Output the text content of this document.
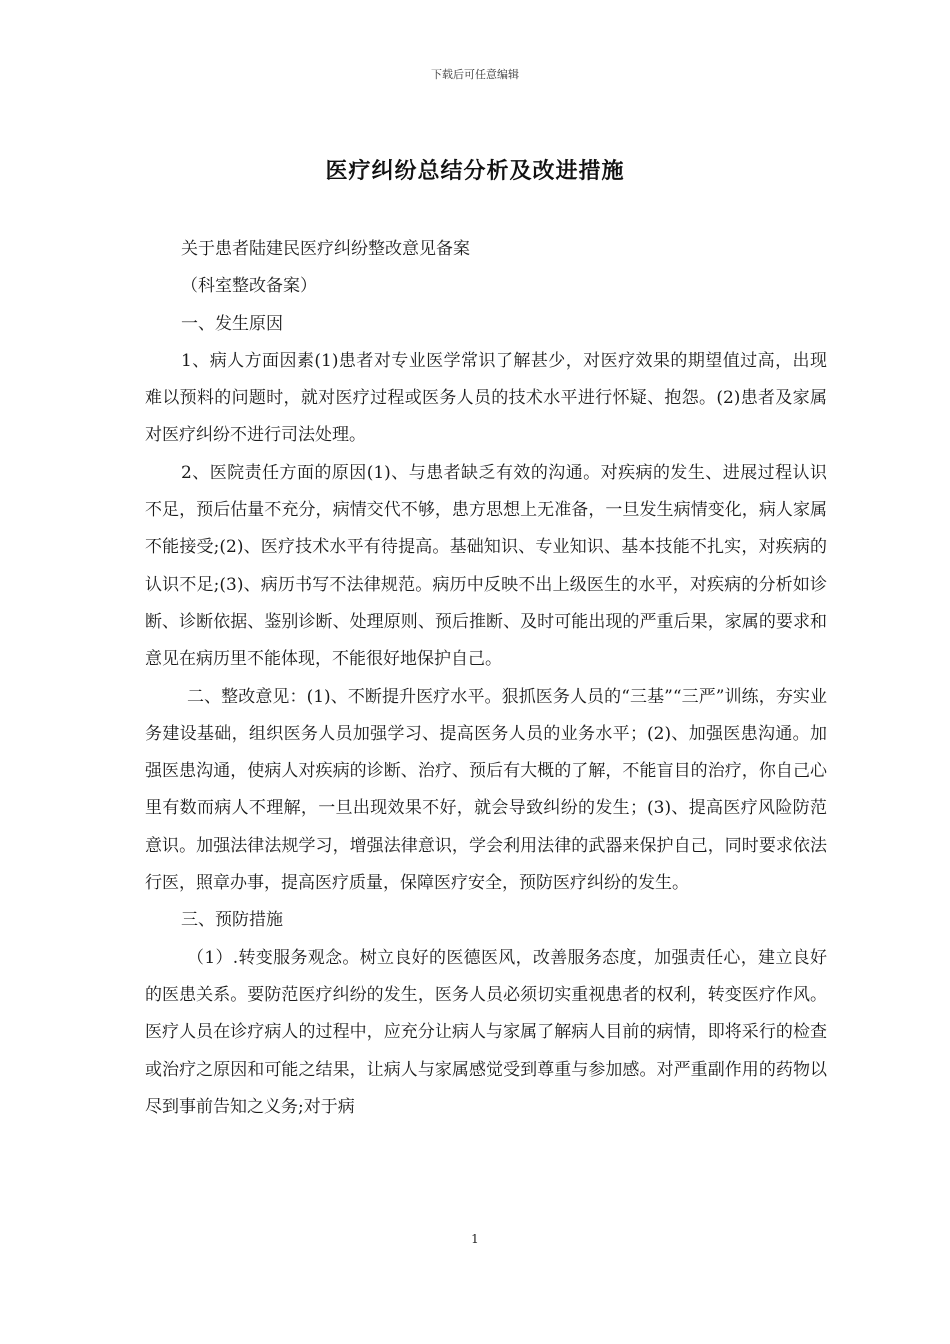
下载后可任意编辑
医疗纠纷总结分析及改进措施

关于患者陆建民医疗纠纷整改意见备案

（科室整改备案）

一、发生原因

1、病人方面因素(1)患者对专业医学常识了解甚少，对医疗效果的期望值过高，出现难以预料的问题时，就对医疗过程或医务人员的技术水平进行怀疑、抱怨。(2)患者及家属对医疗纠纷不进行司法处理。

2、医院责任方面的原因(1)、与患者缺乏有效的沟通。对疾病的发生、进展过程认识不足，预后估量不充分，病情交代不够，患方思想上无准备，一旦发生病情变化，病人家属不能接受;(2)、医疗技术水平有待提高。基础知识、专业知识、基本技能不扎实，对疾病的认识不足;(3)、病历书写不法律规范。病历中反映不出上级医生的水平，对疾病的分析如诊断、诊断依据、鉴别诊断、处理原则、预后推断、及时可能出现的严重后果，家属的要求和意见在病历里不能体现，不能很好地保护自己。

二、整改意见：(1)、不断提升医疗水平。狠抓医务人员的“三基”“三严”训练，夯实业务建设基础，组织医务人员加强学习、提高医务人员的业务水平；(2)、加强医患沟通。加强医患沟通，使病人对疾病的诊断、治疗、预后有大概的了解，不能盲目的治疗，你自己心里有数而病人不理解，一旦出现效果不好，就会导致纠纷的发生；(3)、提高医疗风险防范意识。加强法律法规学习，增强法律意识，学会利用法律的武器来保护自己，同时要求依法行医，照章办事，提高医疗质量，保障医疗安全，预防医疗纠纷的发生。

三、预防措施

（1）.转变服务观念。树立良好的医德医风，改善服务态度，加强责任心，建立良好的医患关系。要防范医疗纠纷的发生，医务人员必须切实重视患者的权利，转变医疗作风。医疗人员在诊疗病人的过程中，应充分让病人与家属了解病人目前的病情，即将采行的检查或治疗之原因和可能之结果，让病人与家属感觉受到尊重与参加感。对严重副作用的药物以尽到事前告知之义务;对于病

1
